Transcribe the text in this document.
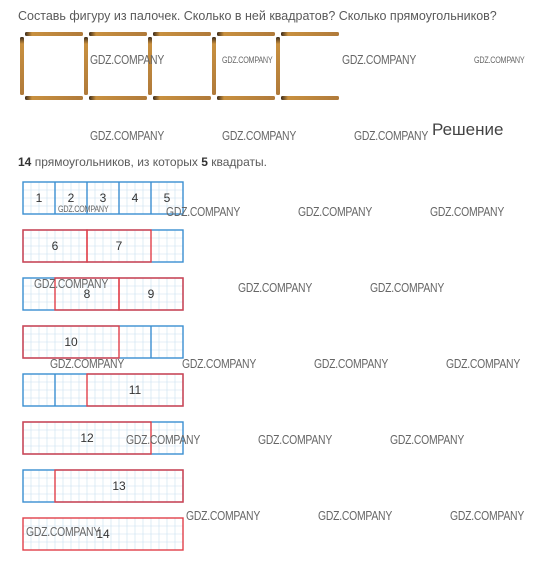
Составь фигуру из палочек. Сколько в ней квадратов? Сколько прямоугольников?
Решение
14 прямоугольников, из которых 5 квадраты.
1 2 3 4 5
6	7
8	9
10
11
12
13
14
GDZ.COMPANY	GDZ.COMPANY	GDZ.COMPANY	GDZ.COMPANY
GDZ.COMPANY	GDZ.COMPANY	GDZ.COMPANY
GDZ.COMPANY	GDZ.COMPANY	GDZ.COMPANY	GDZ.COMPANY
GDZ.COMPANY	GDZ.COMPANY	GDZ.COMPANY
GDZ.COMPANY	GDZ.COMPANY	GDZ.COMPANY	GDZ.COMPANY
GDZ.COMPANY	GDZ.COMPANY	GDZ.COMPANY
GDZ.COMPANY	GDZ.COMPANY	GDZ.COMPANY
GDZ.COMPANY
